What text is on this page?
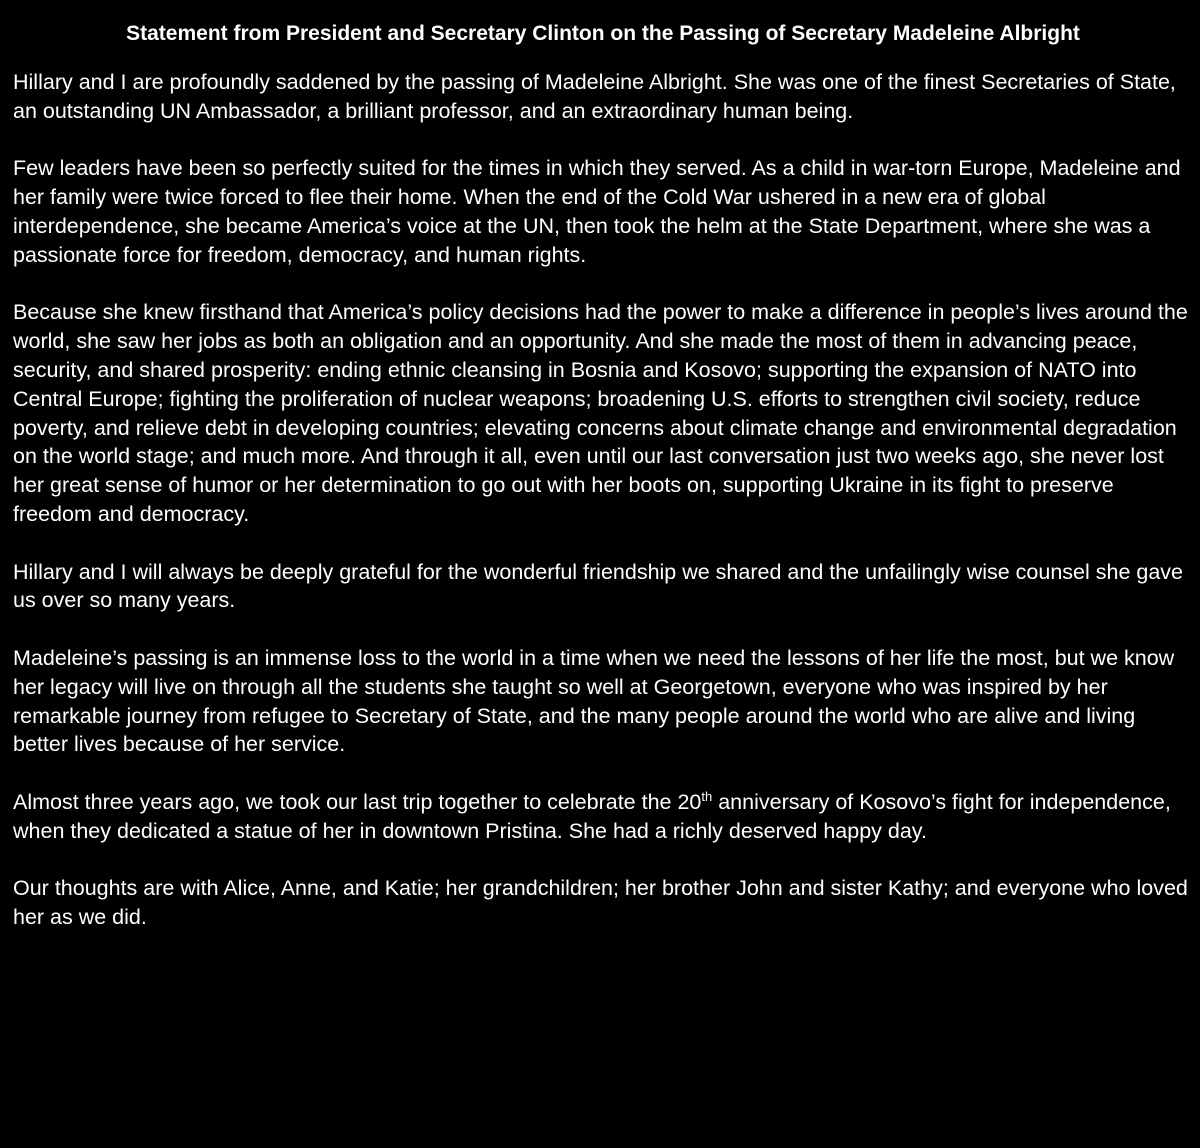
Statement from President and Secretary Clinton on the Passing of Secretary Madeleine Albright
Hillary and I are profoundly saddened by the passing of Madeleine Albright. She was one of the finest Secretaries of State, an outstanding UN Ambassador, a brilliant professor, and an extraordinary human being.
Few leaders have been so perfectly suited for the times in which they served. As a child in war-torn Europe, Madeleine and her family were twice forced to flee their home. When the end of the Cold War ushered in a new era of global interdependence, she became America’s voice at the UN, then took the helm at the State Department, where she was a passionate force for freedom, democracy, and human rights.
Because she knew firsthand that America’s policy decisions had the power to make a difference in people’s lives around the world, she saw her jobs as both an obligation and an opportunity. And she made the most of them in advancing peace, security, and shared prosperity: ending ethnic cleansing in Bosnia and Kosovo; supporting the expansion of NATO into Central Europe; fighting the proliferation of nuclear weapons; broadening U.S. efforts to strengthen civil society, reduce poverty, and relieve debt in developing countries; elevating concerns about climate change and environmental degradation on the world stage; and much more. And through it all, even until our last conversation just two weeks ago, she never lost her great sense of humor or her determination to go out with her boots on, supporting Ukraine in its fight to preserve freedom and democracy.
Hillary and I will always be deeply grateful for the wonderful friendship we shared and the unfailingly wise counsel she gave us over so many years.
Madeleine’s passing is an immense loss to the world in a time when we need the lessons of her life the most, but we know her legacy will live on through all the students she taught so well at Georgetown, everyone who was inspired by her remarkable journey from refugee to Secretary of State, and the many people around the world who are alive and living better lives because of her service.
Almost three years ago, we took our last trip together to celebrate the 20th anniversary of Kosovo’s fight for independence, when they dedicated a statue of her in downtown Pristina. She had a richly deserved happy day.
Our thoughts are with Alice, Anne, and Katie; her grandchildren; her brother John and sister Kathy; and everyone who loved her as we did.
